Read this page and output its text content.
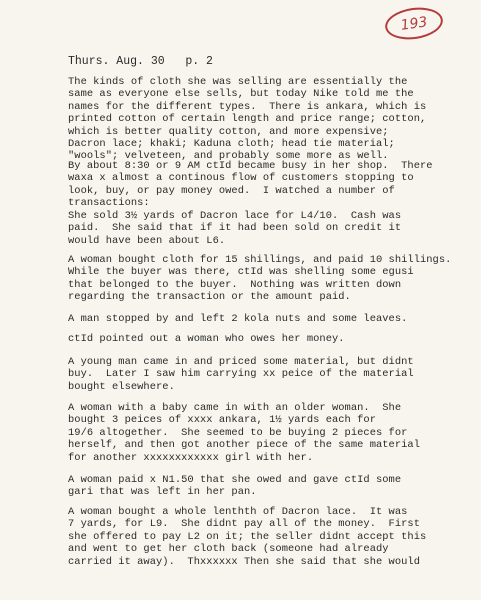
193
Thurs. Aug. 30   p. 2
The kinds of cloth she was selling are essentially the
same as everyone else sells, but today Nike told me the
names for the different types.  There is ankara, which is
printed cotton of certain length and price range; cotton,
which is better quality cotton, and more expensive;
Dacron lace; khaki; Kaduna cloth; head tie material;
"wools"; velveteen, and probably some more as well.
By about 8:30 or 9 AM ctId became busy in her shop.  There
waxa x almost a continous flow of customers stopping to
look, buy, or pay money owed.  I watched a number of
transactions:
She sold 3½ yards of Dacron lace for L4/10.  Cash was
paid.  She said that if it had been sold on credit it
would have been about L6.
A woman bought cloth for 15 shillings, and paid 10 shillings.
While the buyer was there, ctId was shelling some egusi
that belonged to the buyer.  Nothing was written down
regarding the transaction or the amount paid.
A man stopped by and left 2 kola nuts and some leaves.
ctId pointed out a woman who owes her money.
A young man came in and priced some material, but didnt
buy.  Later I saw him carrying xx peice of the material
bought elsewhere.
A woman with a baby came in with an older woman.  She
bought 3 peices of xxxx ankara, 1½ yards each for
19/6 altogether.  She seemed to be buying 2 pieces for
herself, and then got another piece of the same material
for another xxxxxxxxxxxx girl with her.
A woman paid x N1.50 that she owed and gave ctId some
gari that was left in her pan.
A woman bought a whole lenthth of Dacron lace.  It was
7 yards, for L9.  She didnt pay all of the money.  First
she offered to pay L2 on it; the seller didnt accept this
and went to get her cloth back (someone had already
carried it away).  Thxxxxxx Then she said that she would
